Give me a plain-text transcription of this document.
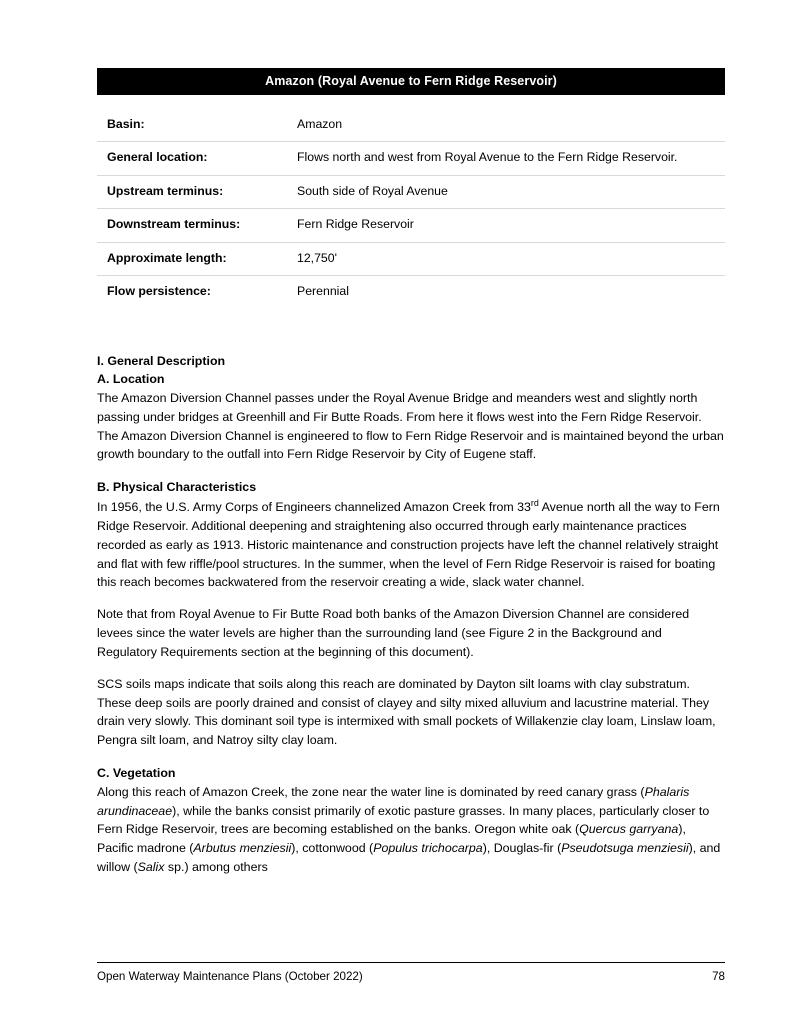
Amazon (Royal Avenue to Fern Ridge Reservoir)
Basin:	Amazon
General location:	Flows north and west from Royal Avenue to the Fern Ridge Reservoir.
Upstream terminus:	South side of Royal Avenue
Downstream terminus:	Fern Ridge Reservoir
Approximate length:	12,750'
Flow persistence:	Perennial
I. General Description
A. Location

The Amazon Diversion Channel passes under the Royal Avenue Bridge and meanders west and slightly north passing under bridges at Greenhill and Fir Butte Roads. From here it flows west into the Fern Ridge Reservoir. The Amazon Diversion Channel is engineered to flow to Fern Ridge Reservoir and is maintained beyond the urban growth boundary to the outfall into Fern Ridge Reservoir by City of Eugene staff.

B. Physical Characteristics

In 1956, the U.S. Army Corps of Engineers channelized Amazon Creek from 33rd Avenue north all the way to Fern Ridge Reservoir. Additional deepening and straightening also occurred through early maintenance practices recorded as early as 1913. Historic maintenance and construction projects have left the channel relatively straight and flat with few riffle/pool structures. In the summer, when the level of Fern Ridge Reservoir is raised for boating this reach becomes backwatered from the reservoir creating a wide, slack water channel.

Note that from Royal Avenue to Fir Butte Road both banks of the Amazon Diversion Channel are considered levees since the water levels are higher than the surrounding land (see Figure 2 in the Background and Regulatory Requirements section at the beginning of this document).

SCS soils maps indicate that soils along this reach are dominated by Dayton silt loams with clay substratum. These deep soils are poorly drained and consist of clayey and silty mixed alluvium and lacustrine material. They drain very slowly. This dominant soil type is intermixed with small pockets of Willakenzie clay loam, Linslaw loam, Pengra silt loam, and Natroy silty clay loam.

C. Vegetation

Along this reach of Amazon Creek, the zone near the water line is dominated by reed canary grass (Phalaris arundinaceae), while the banks consist primarily of exotic pasture grasses. In many places, particularly closer to Fern Ridge Reservoir, trees are becoming established on the banks. Oregon white oak (Quercus garryana), Pacific madrone (Arbutus menziesii), cottonwood (Populus trichocarpa), Douglas-fir (Pseudotsuga menziesii), and willow (Salix sp.) among others

Open Waterway Maintenance Plans (October 2022)	78
